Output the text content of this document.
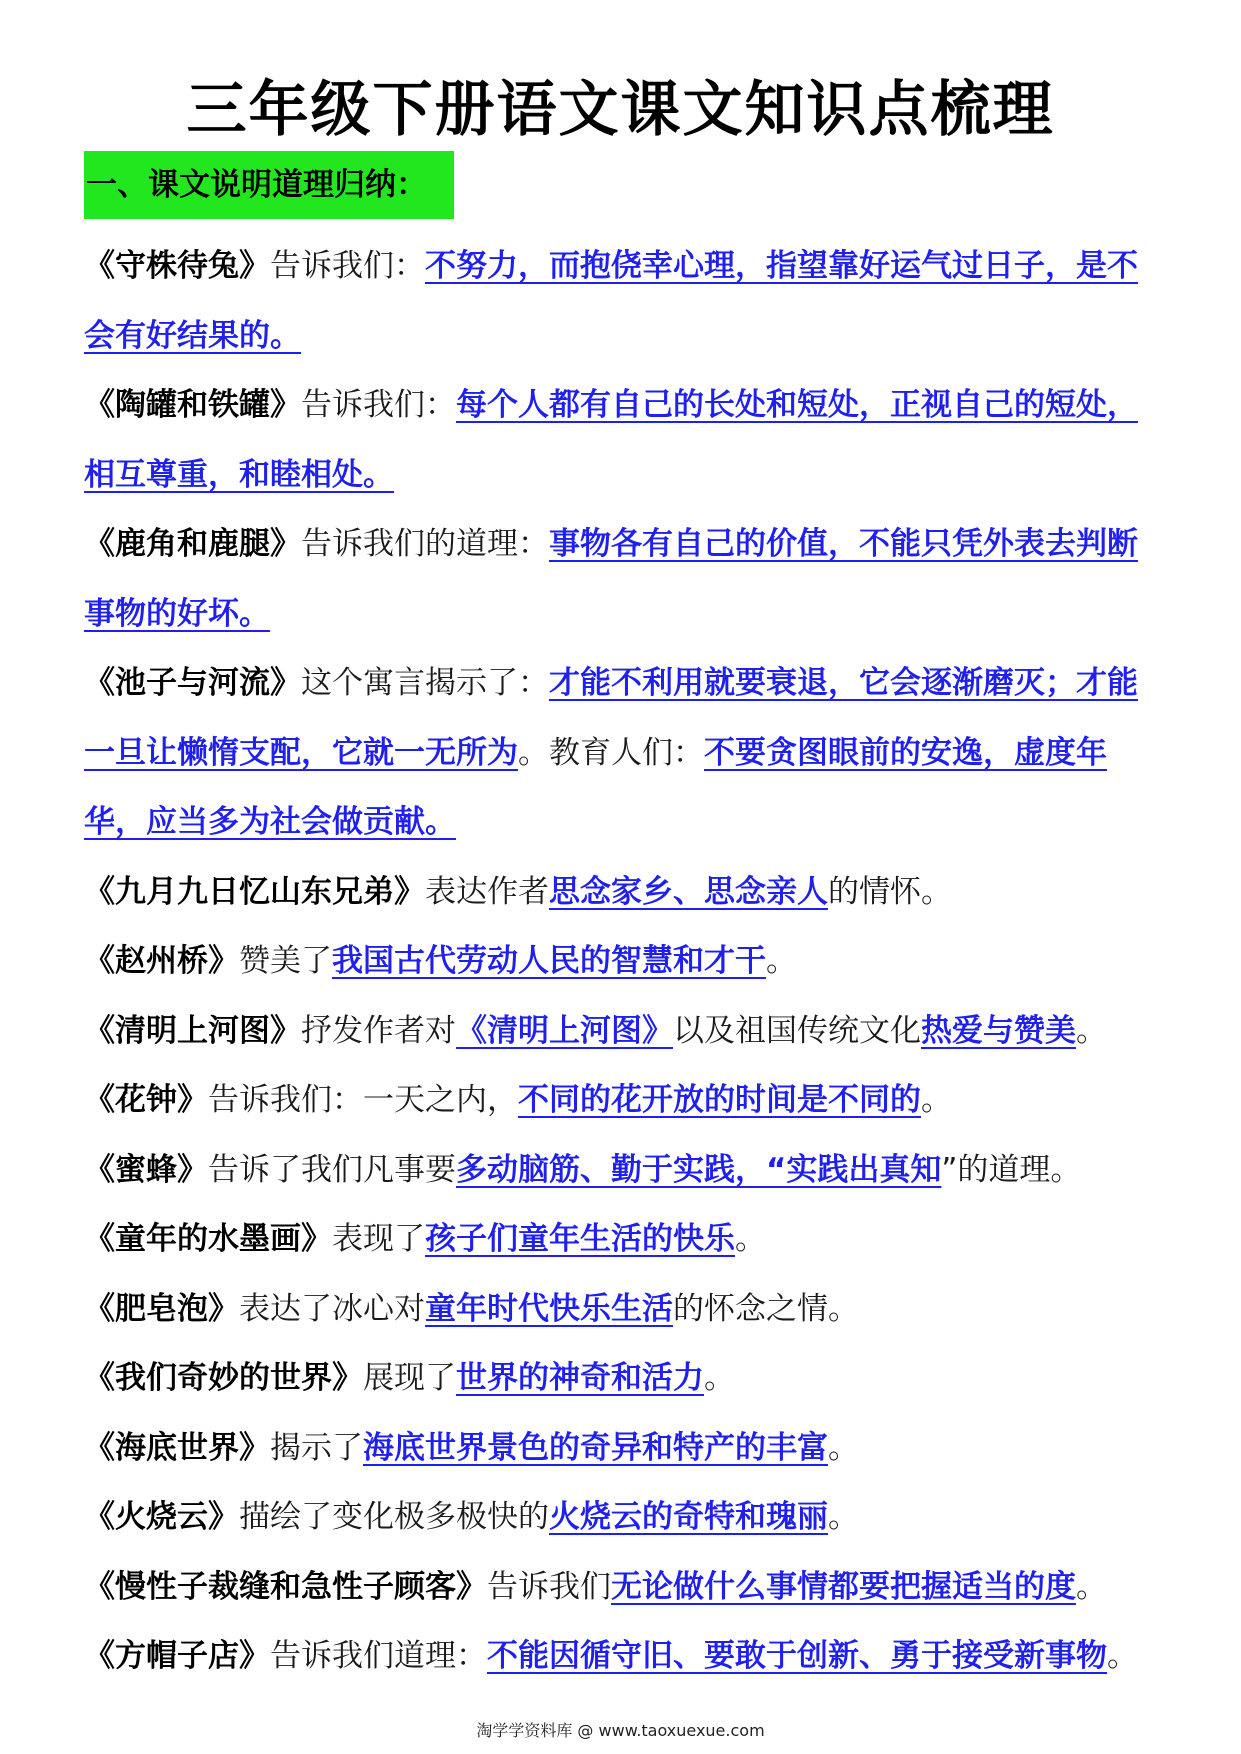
三年级下册语文课文知识点梳理
一、课文说明道理归纳：

《守株待兔》告诉我们：不努力，而抱侥幸心理，指望靠好运气过日子，是不会有好结果的。

《陶罐和铁罐》告诉我们：每个人都有自己的长处和短处，正视自己的短处，相互尊重，和睦相处。

《鹿角和鹿腿》告诉我们的道理：事物各有自己的价值，不能只凭外表去判断事物的好坏。

《池子与河流》这个寓言揭示了：才能不利用就要衰退，它会逐渐磨灭；才能一旦让懒惰支配，它就一无所为。教育人们：不要贪图眼前的安逸，虚度年华，应当多为社会做贡献。

《九月九日忆山东兄弟》表达作者思念家乡、思念亲人的情怀。

《赵州桥》赞美了我国古代劳动人民的智慧和才干。

《清明上河图》抒发作者对《清明上河图》以及祖国传统文化热爱与赞美。

《花钟》告诉我们：一天之内，不同的花开放的时间是不同的。

《蜜蜂》告诉了我们凡事要多动脑筋、勤于实践，“实践出真知”的道理。

《童年的水墨画》表现了孩子们童年生活的快乐。

《肥皂泡》表达了冰心对童年时代快乐生活的怀念之情。

《我们奇妙的世界》展现了世界的神奇和活力。

《海底世界》揭示了海底世界景色的奇异和特产的丰富。

《火烧云》描绘了变化极多极快的火烧云的奇特和瑰丽。

《慢性子裁缝和急性子顾客》告诉我们无论做什么事情都要把握适当的度。

《方帽子店》告诉我们道理：不能因循守旧、要敢于创新、勇于接受新事物。

淘学学资料库 @ www.taoxuexue.com
